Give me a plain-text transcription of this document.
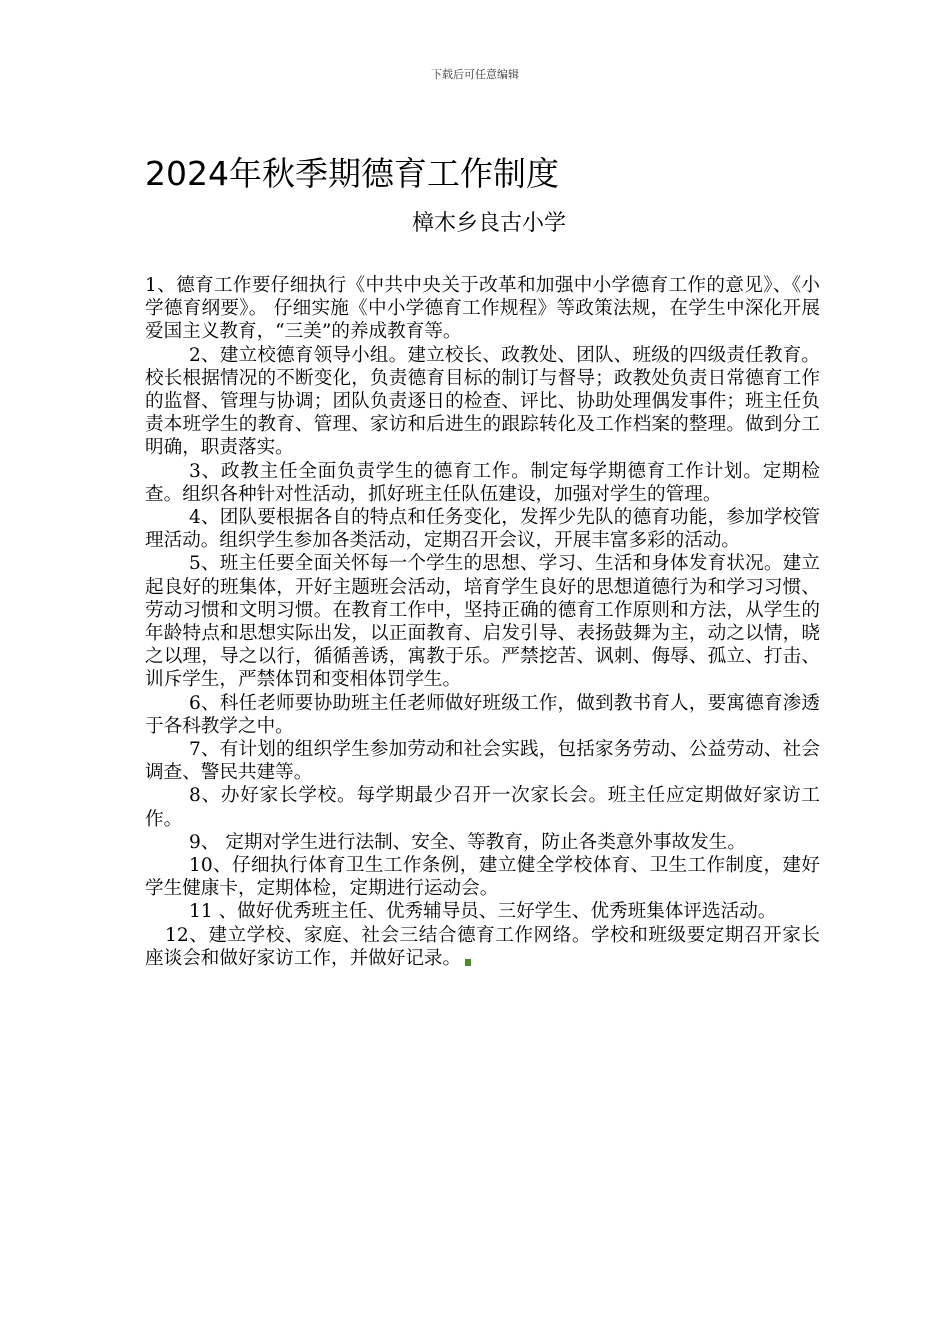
下载后可任意编辑
2024年秋季期德育工作制度
樟木乡良古小学

1、德育工作要仔细执行《中共中央关于改革和加强中小学德育工作的意见》、《小学德育纲要》。 仔细实施《中小学德育工作规程》等政策法规，在学生中深化开展爱国主义教育，“三美”的养成教育等。

2、建立校德育领导小组。建立校长、政教处、团队、班级的四级责任教育。校长根据情况的不断变化，负责德育目标的制订与督导；政教处负责日常德育工作的监督、管理与协调；团队负责逐日的检查、评比、协助处理偶发事件；班主任负责本班学生的教育、管理、家访和后进生的跟踪转化及工作档案的整理。做到分工明确，职责落实。

3、政教主任全面负责学生的德育工作。制定每学期德育工作计划。定期检查。组织各种针对性活动，抓好班主任队伍建设，加强对学生的管理。

4、团队要根据各自的特点和任务变化，发挥少先队的德育功能，参加学校管理活动。组织学生参加各类活动，定期召开会议，开展丰富多彩的活动。

5、班主任要全面关怀每一个学生的思想、学习、生活和身体发育状况。建立起良好的班集体，开好主题班会活动，培育学生良好的思想道德行为和学习习惯、劳动习惯和文明习惯。在教育工作中，坚持正确的德育工作原则和方法，从学生的年龄特点和思想实际出发，以正面教育、启发引导、表扬鼓舞为主，动之以情，晓之以理，导之以行，循循善诱，寓教于乐。严禁挖苦、讽刺、侮辱、孤立、打击、训斥学生，严禁体罚和变相体罚学生。

6、科任老师要协助班主任老师做好班级工作，做到教书育人，要寓德育渗透于各科教学之中。

7、有计划的组织学生参加劳动和社会实践，包括家务劳动、公益劳动、社会调查、警民共建等。

8、办好家长学校。每学期最少召开一次家长会。班主任应定期做好家访工作。

9、 定期对学生进行法制、安全、等教育，防止各类意外事故发生。

10、仔细执行体育卫生工作条例，建立健全学校体育、卫生工作制度，建好学生健康卡，定期体检，定期进行运动会。

11 、做好优秀班主任、优秀辅导员、三好学生、优秀班集体评选活动。

12、建立学校、家庭、社会三结合德育工作网络。学校和班级要定期召开家长座谈会和做好家访工作，并做好记录。
